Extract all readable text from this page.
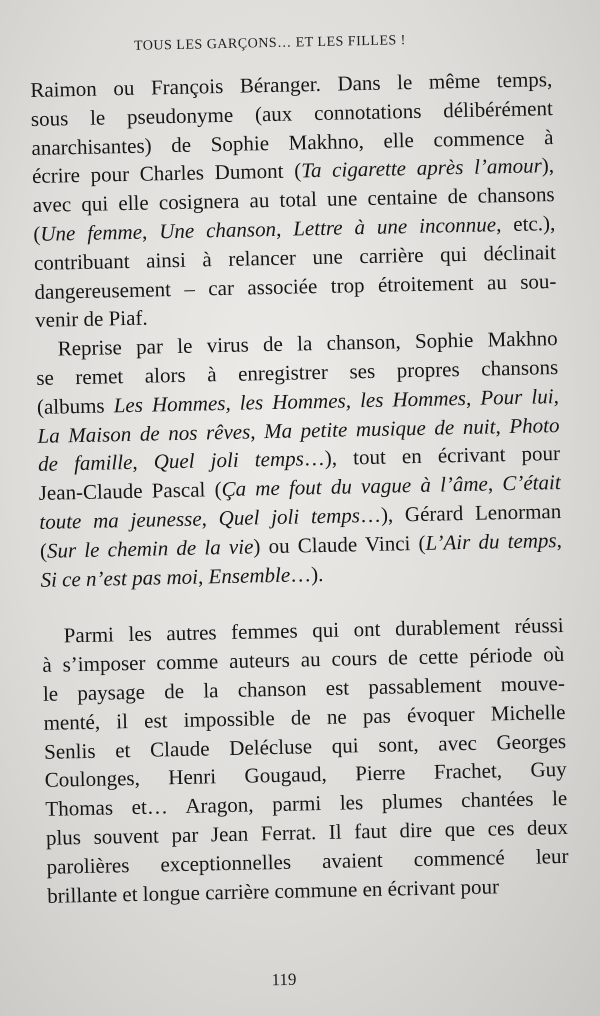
TOUS LES GARÇONS… ET LES FILLES !
Raimon ou François Béranger. Dans le même temps,
sous le pseudonyme (aux connotations délibérément
anarchisantes) de Sophie Makhno, elle commence à
écrire pour Charles Dumont (Ta cigarette après l’amour),
avec qui elle cosignera au total une centaine de chansons
(Une femme, Une chanson, Lettre à une inconnue, etc.),
contribuant ainsi à relancer une carrière qui déclinait
dangereusement – car associée trop étroitement au sou-
venir de Piaf.
Reprise par le virus de la chanson, Sophie Makhno
se remet alors à enregistrer ses propres chansons
(albums Les Hommes, les Hommes, les Hommes, Pour lui,
La Maison de nos rêves, Ma petite musique de nuit, Photo
de famille, Quel joli temps…), tout en écrivant pour
Jean-Claude Pascal (Ça me fout du vague à l’âme, C’était
toute ma jeunesse, Quel joli temps…), Gérard Lenorman
(Sur le chemin de la vie) ou Claude Vinci (L’Air du temps,
Si ce n’est pas moi, Ensemble…).
Parmi les autres femmes qui ont durablement réussi
à s’imposer comme auteurs au cours de cette période où
le paysage de la chanson est passablement mouve-
menté, il est impossible de ne pas évoquer Michelle
Senlis et Claude Delécluse qui sont, avec Georges
Coulonges, Henri Gougaud, Pierre Frachet, Guy
Thomas et… Aragon, parmi les plumes chantées le
plus souvent par Jean Ferrat. Il faut dire que ces deux
parolières exceptionnelles avaient commencé leur
brillante et longue carrière commune en écrivant pour
119
